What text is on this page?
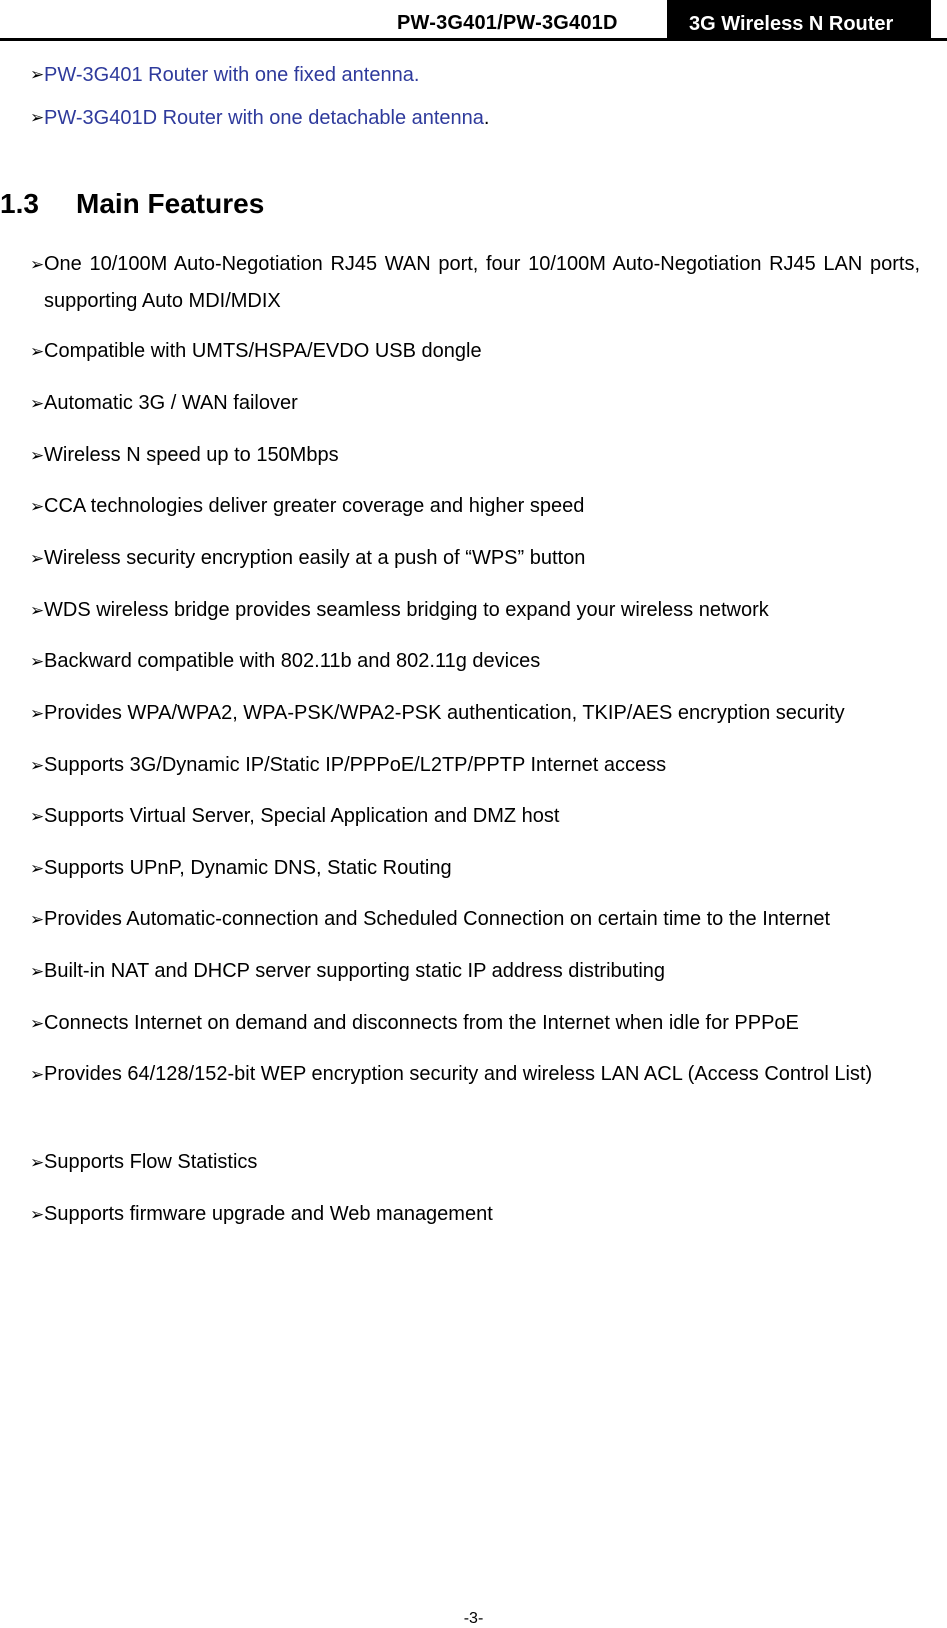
PW-3G401/PW-3G401D	3G Wireless N Router
➢ PW-3G401 Router with one fixed antenna.
➢ PW-3G401D Router with one detachable antenna.
1.3 Main Features
➢ One 10/100M Auto-Negotiation RJ45 WAN port, four 10/100M Auto-Negotiation RJ45 LAN ports, supporting Auto MDI/MDIX
➢ Compatible with UMTS/HSPA/EVDO USB dongle
➢ Automatic 3G / WAN failover
➢ Wireless N speed up to 150Mbps
➢ CCA technologies deliver greater coverage and higher speed
➢ Wireless security encryption easily at a push of “WPS” button
➢ WDS wireless bridge provides seamless bridging to expand your wireless network
➢ Backward compatible with 802.11b and 802.11g devices
➢ Provides WPA/WPA2, WPA-PSK/WPA2-PSK authentication, TKIP/AES encryption security
➢ Supports 3G/Dynamic IP/Static IP/PPPoE/L2TP/PPTP Internet access
➢ Supports Virtual Server, Special Application and DMZ host
➢ Supports UPnP, Dynamic DNS, Static Routing
➢ Provides Automatic-connection and Scheduled Connection on certain time to the Internet
➢ Built-in NAT and DHCP server supporting static IP address distributing
➢ Connects Internet on demand and disconnects from the Internet when idle for PPPoE
➢ Provides 64/128/152-bit WEP encryption security and wireless LAN ACL (Access Control List)
➢ Supports Flow Statistics
➢ Supports firmware upgrade and Web management
-3-
